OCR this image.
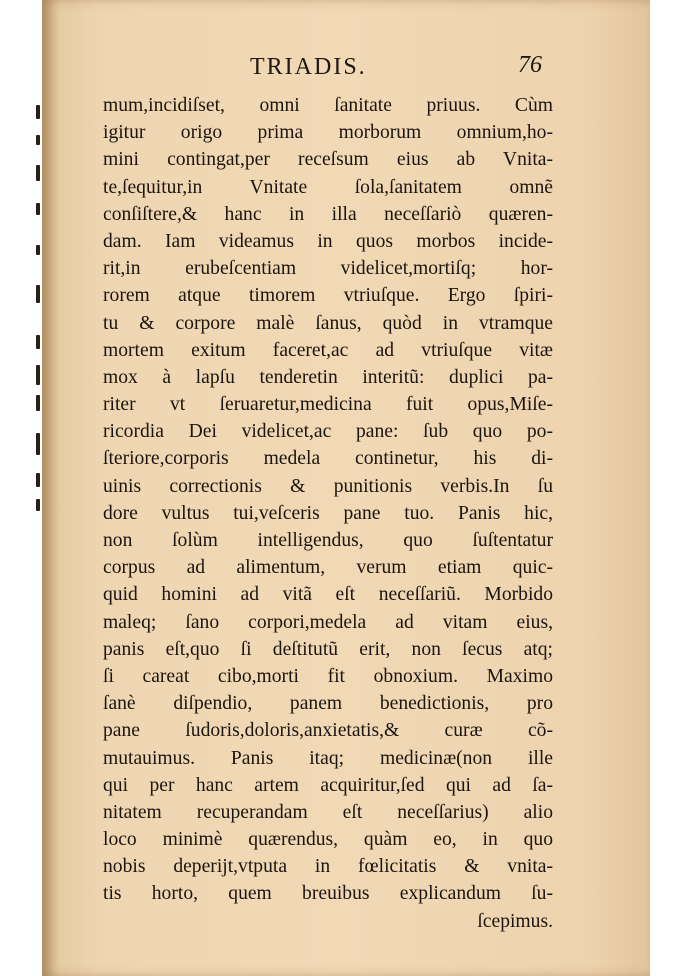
TRIADIS.	76
mum,incidiſset, omni ſanitate priuus. Cùm
igitur origo prima morborum omnium,ho-
mini contingat,per receſsum eius ab Vnita-
te,ſequitur,in Vnitate ſola,ſanitatem omnẽ
conſiſtere,& hanc in illa neceſſariò quæren-
dam. Iam videamus in quos morbos incide-
rit,in erubeſcentiam videlicet,mortiſq; hor-
rorem atque timorem vtriuſque. Ergo ſpiri-
tu & corpore malè ſanus, quòd in vtramque
mortem exitum faceret,ac ad vtriuſque vitæ
mox à lapſu tenderetin interitũ: duplici pa-
riter vt ſeruaretur,medicina fuit opus,Miſe-
ricordia Dei videlicet,ac pane: ſub quo po-
ſteriore,corporis medela continetur, his di-
uinis correctionis & punitionis verbis.In ſu
dore vultus tui,veſceris pane tuo. Panis hic,
non ſolùm intelligendus, quo ſuſtentatur
corpus ad alimentum, verum etiam quic-
quid homini ad vitã eſt neceſſariũ. Morbido
maleq; ſano corpori,medela ad vitam eius,
panis eſt,quo ſi deſtitutũ erit, non ſecus atq;
ſi careat cibo,morti fit obnoxium. Maximo
ſanè diſpendio, panem benedictionis, pro
pane ſudoris,doloris,anxietatis,& curæ cõ-
mutauimus. Panis itaq; medicinæ(non ille
qui per hanc artem acquiritur,ſed qui ad ſa-
nitatem recuperandam eſt neceſſarius) alio
loco minimè quærendus, quàm eo, in quo
nobis deperijt,vtputa in fœlicitatis & vnita-
tis horto, quem breuibus explicandum ſu-
ſcepimus.
